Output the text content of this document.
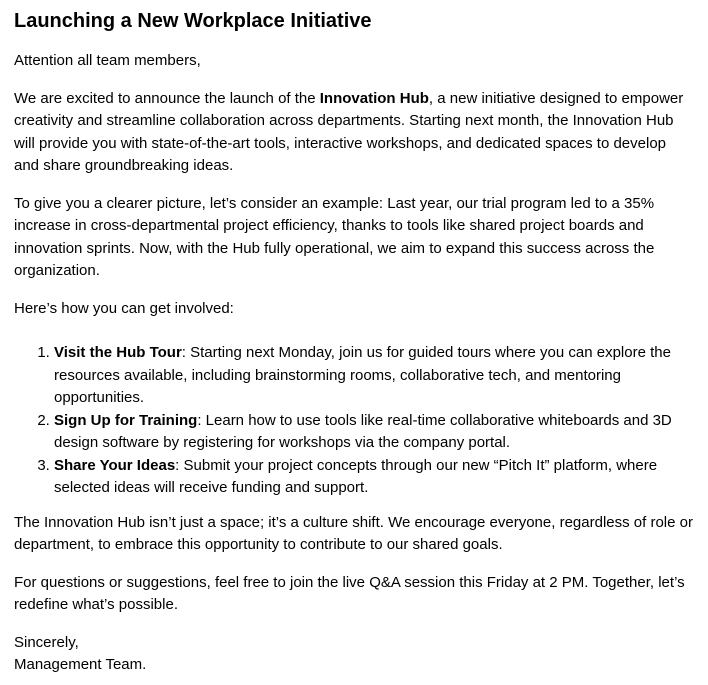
Launching a New Workplace Initiative

Attention all team members,

We are excited to announce the launch of the Innovation Hub, a new initiative designed to empower creativity and streamline collaboration across departments. Starting next month, the Innovation Hub will provide you with state-of-the-art tools, interactive workshops, and dedicated spaces to develop and share groundbreaking ideas.

To give you a clearer picture, let’s consider an example: Last year, our trial program led to a 35% increase in cross-departmental project efficiency, thanks to tools like shared project boards and innovation sprints. Now, with the Hub fully operational, we aim to expand this success across the organization.

Here’s how you can get involved:

1. Visit the Hub Tour: Starting next Monday, join us for guided tours where you can explore the resources available, including brainstorming rooms, collaborative tech, and mentoring opportunities.
2. Sign Up for Training: Learn how to use tools like real-time collaborative whiteboards and 3D design software by registering for workshops via the company portal.
3. Share Your Ideas: Submit your project concepts through our new “Pitch It” platform, where selected ideas will receive funding and support.

The Innovation Hub isn’t just a space; it’s a culture shift. We encourage everyone, regardless of role or department, to embrace this opportunity to contribute to our shared goals.

For questions or suggestions, feel free to join the live Q&A session this Friday at 2 PM. Together, let’s redefine what’s possible.

Sincerely,
Management Team.
